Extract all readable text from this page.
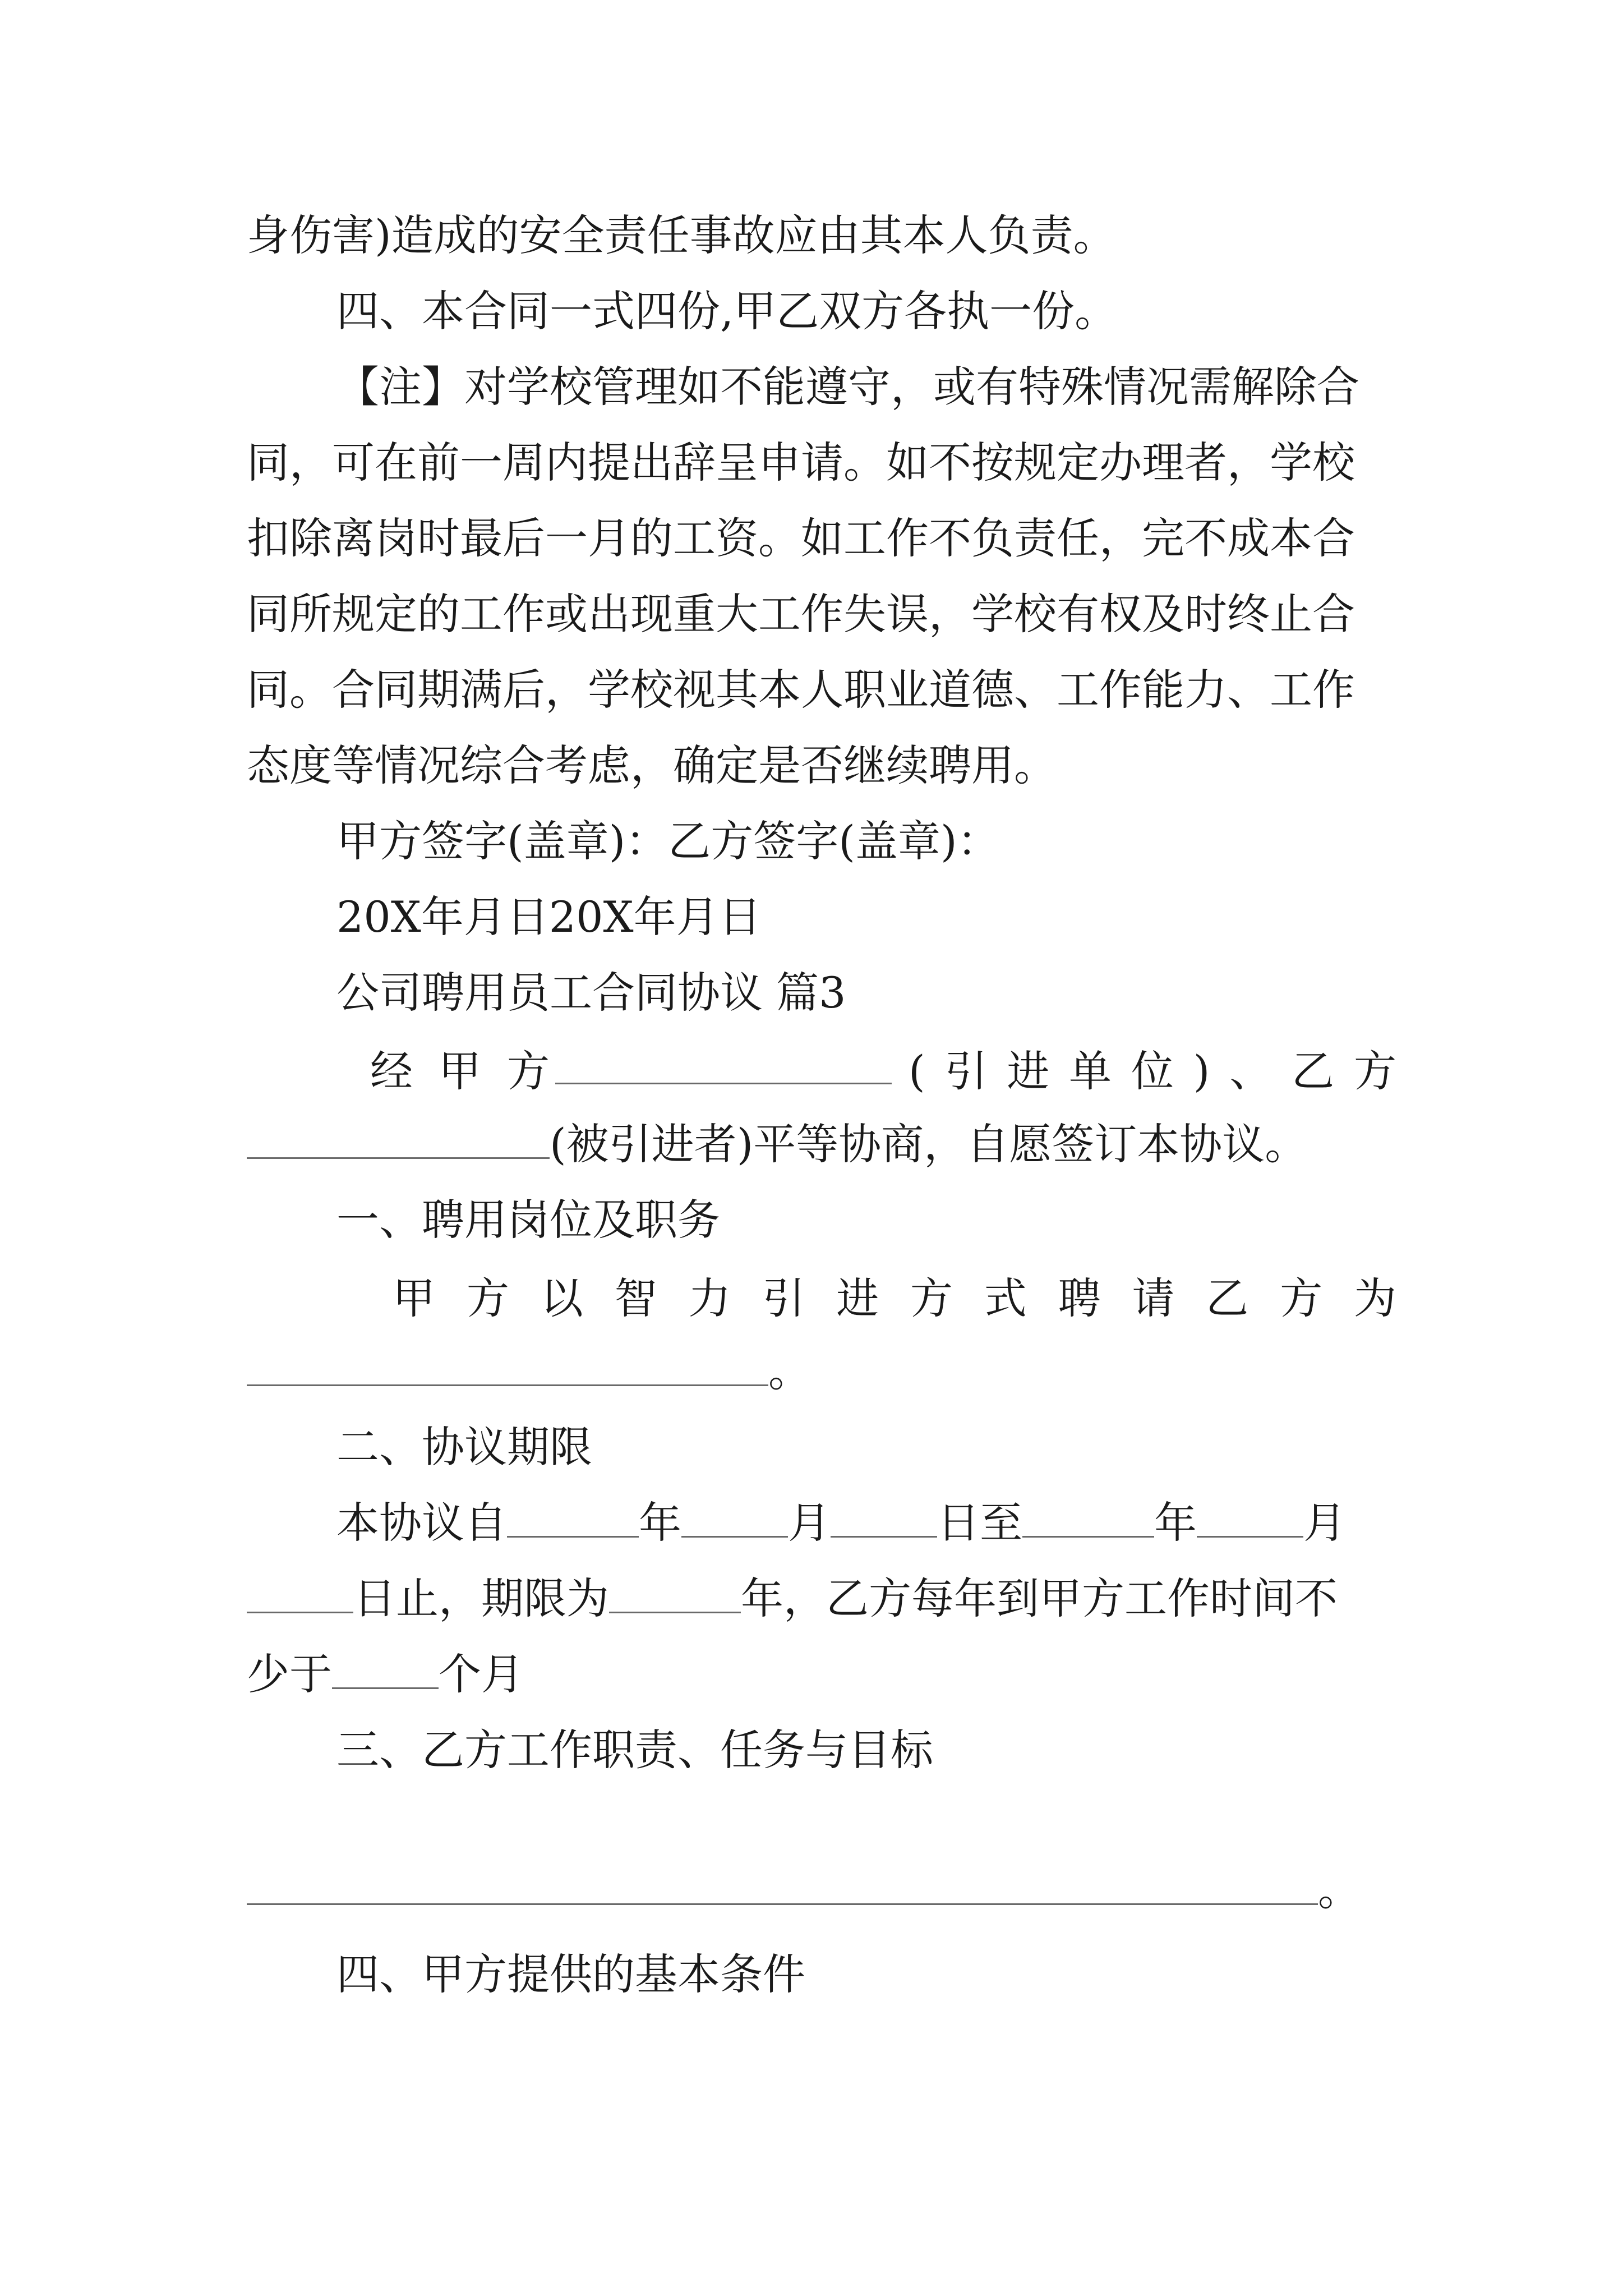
身伤害)造成的安全责任事故应由其本人负责。
四、本合同一式四份,甲乙双方各执一份。
【注】对学校管理如不能遵守，或有特殊情况需解除合
同，可在前一周内提出辞呈申请。如不按规定办理者，学校
扣除离岗时最后一月的工资。如工作不负责任，完不成本合
同所规定的工作或出现重大工作失误，学校有权及时终止合
同。合同期满后，学校视其本人职业道德、工作能力、工作
态度等情况综合考虑，确定是否继续聘用。
甲方签字(盖章)：乙方签字(盖章)：
20X年月日20X年月日
公司聘用员工合同协议 篇3
经 甲 方	( 引 进 单 位 ) 、 乙 方
(被引进者)平等协商，自愿签订本协议。
一、聘用岗位及职务
甲 方 以 智 力 引 进 方 式 聘 请 乙 方 为
。
二、协议期限
本协议自	年	月	日至	年	月
日止，期限为	年，乙方每年到甲方工作时间不
少于	个月
三、乙方工作职责、任务与目标
。
四、甲方提供的基本条件
